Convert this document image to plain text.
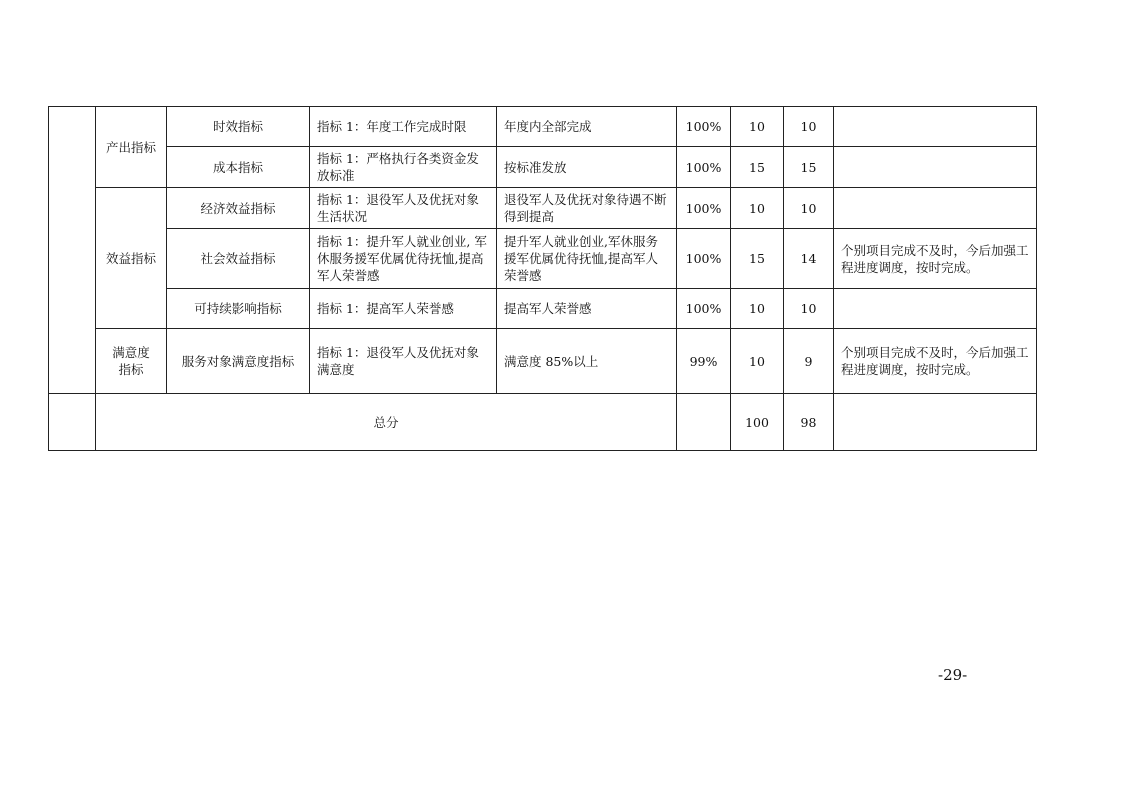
	产出指标	时效指标	指标 1：年度工作完成时限	年度内全部完成	100%	10	10	
		成本指标	指标 1：严格执行各类资金发放标准	按标准发放	100%	15	15	
	效益指标	经济效益指标	指标 1：退役军人及优抚对象生活状况	退役军人及优抚对象待遇不断得到提高	100%	10	10	
		社会效益指标	指标 1：提升军人就业创业, 军休服务援军优属优待抚恤,提高军人荣誉感	提升军人就业创业,军休服务援军优属优待抚恤,提高军人荣誉感	100%	15	14	个别项目完成不及时，今后加强工程进度调度，按时完成。
		可持续影响指标	指标 1：提高军人荣誉感	提高军人荣誉感	100%	10	10	
	满意度指标	服务对象满意度指标	指标 1：退役军人及优抚对象满意度	满意度 85%以上	99%	10	9	个别项目完成不及时，今后加强工程进度调度，按时完成。
	总分					100	98	
-29-
